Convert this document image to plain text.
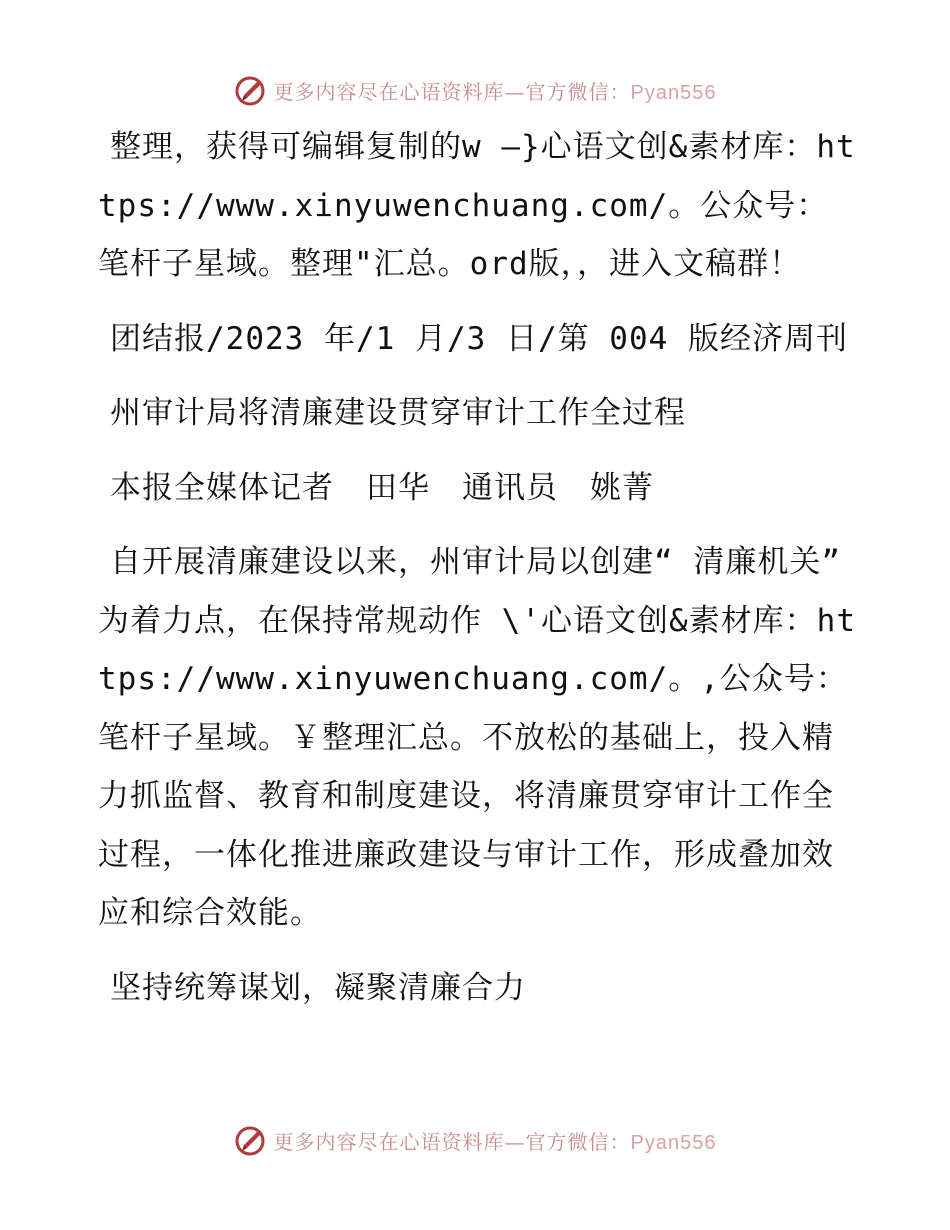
更多内容尽在心语资料库—官方微信：Pyan556

整理，获得可编辑复制的w —}心语文创&素材库：https://www.xinyuwenchuang.com/。公众号：笔杆子星域。整理"汇总。ord版，，进入文稿群！

团结报/2023 年/1 月/3 日/第 004 版经济周刊

州审计局将清廉建设贯穿审计工作全过程

本报全媒体记者　田华　通讯员　姚菁

自开展清廉建设以来，州审计局以创建“ 清廉机关” 为着力点，在保持常规动作 \'心语文创&素材库：https://www.xinyuwenchuang.com/。,公众号：笔杆子星域。￥整理汇总。不放松的基础上，投入精力抓监督、教育和制度建设，将清廉贯穿审计工作全过程，一体化推进廉政建设与审计工作，形成叠加效应和综合效能。

坚持统筹谋划，凝聚清廉合力

更多内容尽在心语资料库—官方微信：Pyan556
